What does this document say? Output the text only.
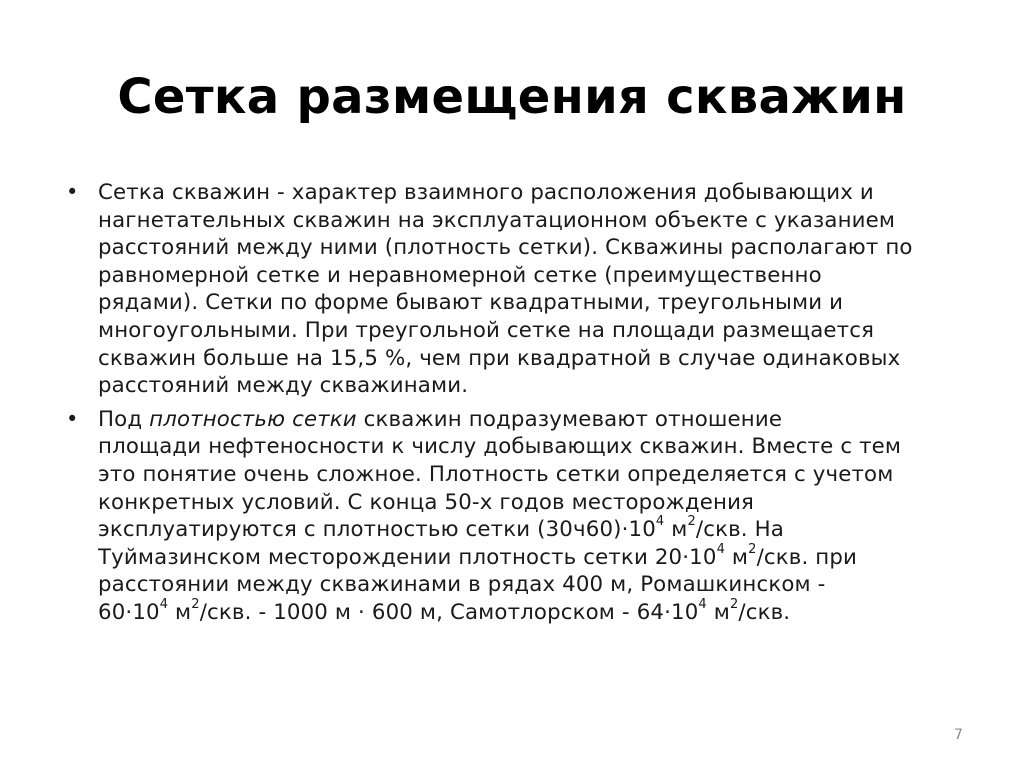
Сетка размещения скважин
• Сетка скважин - характер взаимного расположения добывающих и
нагнетательных скважин на эксплуатационном объекте с указанием
расстояний между ними (плотность сетки). Скважины располагают по
равномерной сетке и неравномерной сетке (преимущественно
рядами). Сетки по форме бывают квадратными, треугольными и
многоугольными. При треугольной сетке на площади размещается
скважин больше на 15,5 %, чем при квадратной в случае одинаковых
расстояний между скважинами.
• Под плотностью сетки скважин подразумевают отношение
площади нефтеносности к числу добывающих скважин. Вместе с тем
это понятие очень сложное. Плотность сетки определяется с учетом
конкретных условий. С конца 50-х годов месторождения
эксплуатируются с плотностью сетки $(30ч60)\cdot 10^4$ $м^2$/скв. На
Туймазинском месторождении плотность сетки $20\cdot 10^4$ $м^2$/скв. при
расстоянии между скважинами в рядах 400 м, Ромашкинском -
$60\cdot 10^4$ $м^2$/скв. - 1000 м · 600 м, Самотлорском - $64\cdot 10^4$ $м^2$/скв.
7
